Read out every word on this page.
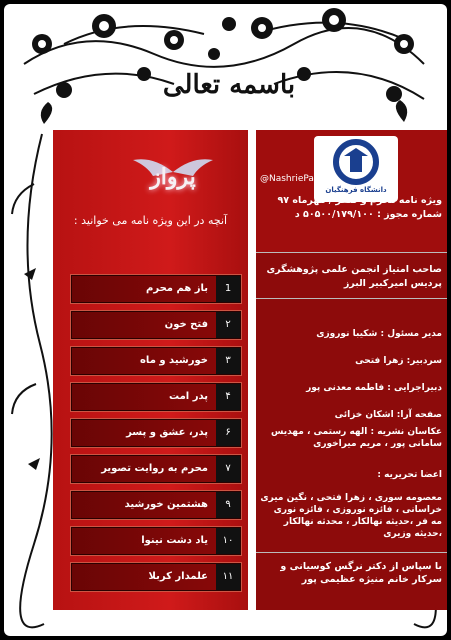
باسمه تعالی
پرواز
آنچه در این ویژه نامه می خوانید :
1
باز هم محرم
۲
فتح خون
۳
خورشید و ماه
۴
پدر امت
۶
پدر، عشق و پسر
۷
محرم به روایت تصویر
۹
هشتمین خورشید
۱۰
یاد دشت نینوا
۱۱
علمدار کربلا
دانشگاه فرهنگیان
@NashrieParvaz
ویژه نامه محرم و صفر / مهرماه ۹۷
شماره مجوز : ۵۰۵۰۰/۱۷۹/۱۰۰ د
صاحب امتیاز انجمن علمی پژوهشگری پردیس امیرکبیر البرز
مدیر مسئول : شکیبا نوروزی
سردبیر: زهرا فتحی
دبیراجرایی : فاطمه معدنی پور
صفحه آرا: اشکان خزائی
عکاسان نشریه : الهه رستمی ، مهدیس سامانی پور ، مریم میراخوری
اعضا تحریریه :
معصومه سوری ، زهرا فتحی ، نگین میری خراسانی ، فائزه نوروزی ، فائزه نوری مه فر ،حدیثه نهالکار ، محدثه نهالکار ،حدیثه وزیری
با سپاس از دکتر نرگس کوسیانی و سرکار خانم منیژه عظیمی پور
